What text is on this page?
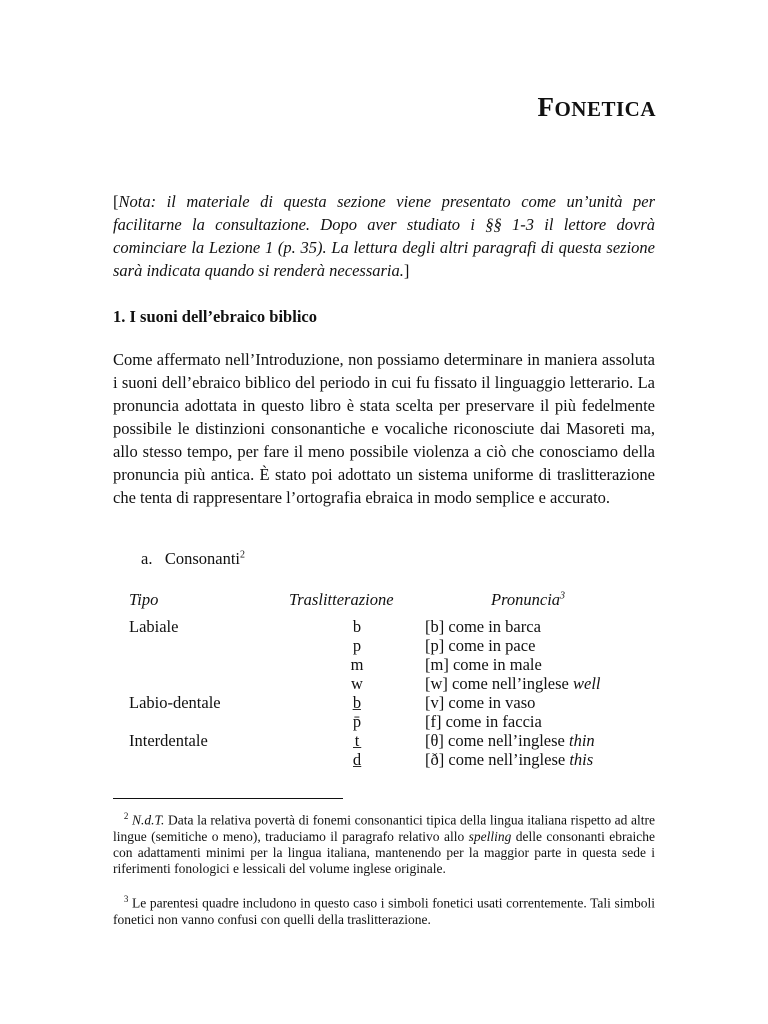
FONETICA

[Nota: il materiale di questa sezione viene presentato come un’unità per facilitarne la consultazione. Dopo aver studiato i §§ 1-3 il lettore dovrà cominciare la Lezione 1 (p. 35). La lettura degli altri paragrafi di questa sezione sarà indicata quando si renderà necessaria.]

1. I suoni dell’ebraico biblico

Come affermato nell’Introduzione, non possiamo determinare in maniera assoluta i suoni dell’ebraico biblico del periodo in cui fu fissato il linguaggio letterario. La pronuncia adottata in questo libro è stata scelta per preservare il più fedelmente possibile le distinzioni consonantiche e vocaliche riconosciute dai Masoreti ma, allo stesso tempo, per fare il meno possibile violenza a ciò che conosciamo della pronuncia più antica. È stato poi adottato un sistema uniforme di traslitterazione che tenta di rappresentare l’ortografia ebraica in modo semplice e accurato.

a. Consonanti$^2$

Tipo	Traslitterazione	Pronuncia$^3$
Labiale	b	[b] come in barca
	p	[p] come in pace
	m	[m] come in male
	w	[w] come nell’inglese well
Labio-dentale	b̲	[v] come in vaso
	p̄	[f] come in faccia
Interdentale	t̲	[θ] come nell’inglese thin
	d̲	[ð] come nell’inglese this

$^2$ N.d.T. Data la relativa povertà di fonemi consonantici tipica della lingua italiana rispetto ad altre lingue (semitiche o meno), traduciamo il paragrafo relativo allo spelling delle consonanti ebraiche con adattamenti minimi per la lingua italiana, mantenendo per la maggior parte in questa sede i riferimenti fonologici e lessicali del volume inglese originale.

$^3$ Le parentesi quadre includono in questo caso i simboli fonetici usati correntemente. Tali simboli fonetici non vanno confusi con quelli della traslitterazione.
